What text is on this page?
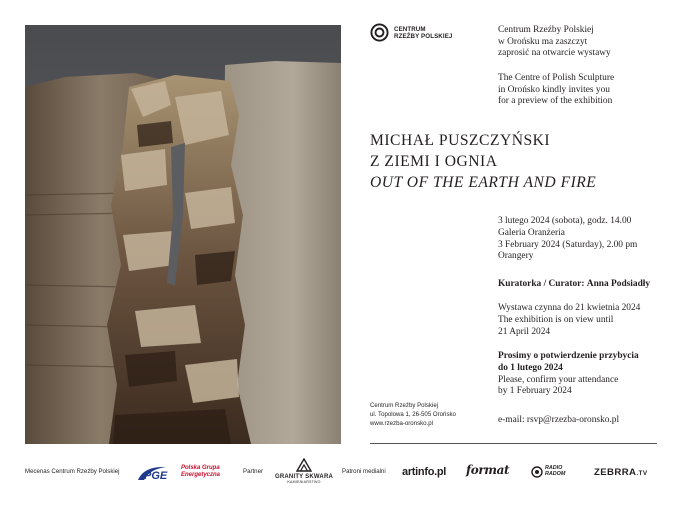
CENTRUM
RZEŹBY POLSKIEJ
Centrum Rzeźby Polskiej
w Orońsku ma zaszczyt
zaprosić na otwarcie wystawy
The Centre of Polish Sculpture
in Orońsko kindly invites you
for a preview of the exhibition
MICHAŁ PUSZCZYŃSKI
Z ZIEMI I OGNIA
OUT OF THE EARTH AND FIRE
3 lutego 2024 (sobota), godz. 14.00
Galeria Oranżeria
3 February 2024 (Saturday), 2.00 pm
Orangery
Kuratorka / Curator: Anna Podsiadły
Wystawa czynna do 21 kwietnia 2024
The exhibition is on view until
21 April 2024
Prosimy o potwierdzenie przybycia
do 1 lutego 2024
Please, confirm your attendance
by 1 February 2024
e-mail: rsvp@rzezba-oronsko.pl
Centrum Rzeźby Polskiej
ul. Topolowa 1, 26-505 Orońsko
www.rzezba-oronsko.pl
Mecenas Centrum Rzeźby Polskiej PGE
Polska Grupa
Energetyczna	Partner
GRANITY SKWARA
KAMIENIARSTWO
Patroni medialni artinfo.pl format	RADIO
RADOM	ZEBRRA.TV
